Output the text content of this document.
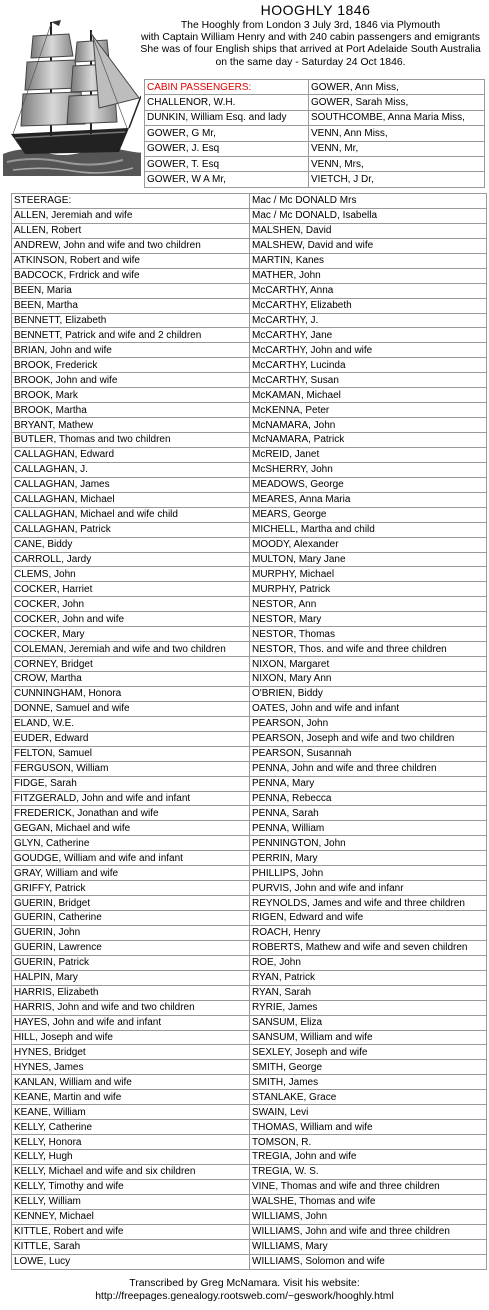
HOOGHLY 1846
The Hooghly from London 3 July 3rd, 1846 via Plymouth
with Captain William Henry and with 240 cabin passengers and emigrants
She was of four English ships that arrived at Port Adelaide South Australia
on the same day - Saturday 24 Oct 1846.
CABIN PASSENGERS:	GOWER, Ann Miss,
CHALLENOR, W.H.	GOWER, Sarah Miss,
DUNKIN, William Esq. and lady	SOUTHCOMBE, Anna Maria Miss,
GOWER, G Mr,	VENN, Ann Miss,
GOWER, J. Esq	VENN, Mr,
GOWER, T. Esq	VENN, Mrs,
GOWER, W A Mr,	VIETCH, J Dr,
STEERAGE:	Mac / Mc DONALD Mrs
ALLEN, Jeremiah and wife	Mac / Mc DONALD, Isabella
ALLEN, Robert	MALSHEN, David
ANDREW, John and wife and two children	MALSHEW, David and wife
ATKINSON, Robert and wife	MARTIN, Kanes
BADCOCK, Frdrick and wife	MATHER, John
BEEN, Maria	McCARTHY, Anna
BEEN, Martha	McCARTHY, Elizabeth
BENNETT, Elizabeth	McCARTHY, J.
BENNETT, Patrick and wife and 2 children	McCARTHY, Jane
BRIAN, John and wife	McCARTHY, John and wife
BROOK, Frederick	McCARTHY, Lucinda
BROOK, John and wife	McCARTHY, Susan
BROOK, Mark	McKAMAN, Michael
BROOK, Martha	McKENNA, Peter
BRYANT, Mathew	McNAMARA, John
BUTLER, Thomas and two children	McNAMARA, Patrick
CALLAGHAN, Edward	McREID, Janet
CALLAGHAN, J.	McSHERRY, John
CALLAGHAN, James	MEADOWS, George
CALLAGHAN, Michael	MEARES, Anna Maria
CALLAGHAN, Michael and wife child	MEARS, George
CALLAGHAN, Patrick	MICHELL, Martha and child
CANE, Biddy	MOODY, Alexander
CARROLL, Jardy	MULTON, Mary Jane
CLEMS, John	MURPHY, Michael
COCKER, Harriet	MURPHY, Patrick
COCKER, John	NESTOR, Ann
COCKER, John and wife	NESTOR, Mary
COCKER, Mary	NESTOR, Thomas
COLEMAN, Jeremiah and wife and two children	NESTOR, Thos. and wife and three children
CORNEY, Bridget	NIXON, Margaret
CROW, Martha	NIXON, Mary Ann
CUNNINGHAM, Honora	O'BRIEN, Biddy
DONNE, Samuel and wife	OATES, John and wife and infant
ELAND, W.E.	PEARSON, John
EUDER, Edward	PEARSON, Joseph and wife and two children
FELTON, Samuel	PEARSON, Susannah
FERGUSON, William	PENNA, John and wife and three children
FIDGE, Sarah	PENNA, Mary
FITZGERALD, John and wife and infant	PENNA, Rebecca
FREDERICK, Jonathan and wife	PENNA, Sarah
GEGAN, Michael and wife	PENNA, William
GLYN, Catherine	PENNINGTON, John
GOUDGE, William and wife and infant	PERRIN, Mary
GRAY, William and wife	PHILLIPS, John
GRIFFY, Patrick	PURVIS, John and wife and infanr
GUERIN, Bridget	REYNOLDS, James and wife and three children
GUERIN, Catherine	RIGEN, Edward and wife
GUERIN, John	ROACH, Henry
GUERIN, Lawrence	ROBERTS, Mathew and wife and seven children
GUERIN, Patrick	ROE, John
HALPIN, Mary	RYAN, Patrick
HARRIS, Elizabeth	RYAN, Sarah
HARRIS, John and wife and two children	RYRIE, James
HAYES, John and wife and infant	SANSUM, Eliza
HILL, Joseph and wife	SANSUM, William and wife
HYNES, Bridget	SEXLEY, Joseph and wife
HYNES, James	SMITH, George
KANLAN, William and wife	SMITH, James
KEANE, Martin and wife	STANLAKE, Grace
KEANE, William	SWAIN, Levi
KELLY, Catherine	THOMAS, William and wife
KELLY, Honora	TOMSON, R.
KELLY, Hugh	TREGIA, John and wife
KELLY, Michael and wife and six children	TREGIA, W. S.
KELLY, Timothy and wife	VINE, Thomas and wife and three children
KELLY, William	WALSHE, Thomas and wife
KENNEY, Michael	WILLIAMS, John
KITTLE, Robert and wife	WILLIAMS, John and wife and three children
KITTLE, Sarah	WILLIAMS, Mary
LOWE, Lucy	WILLIAMS, Solomon and wife
Transcribed by Greg McNamara. Visit his website:
http://freepages.genealogy.rootsweb.com/~geswork/hooghly.html
